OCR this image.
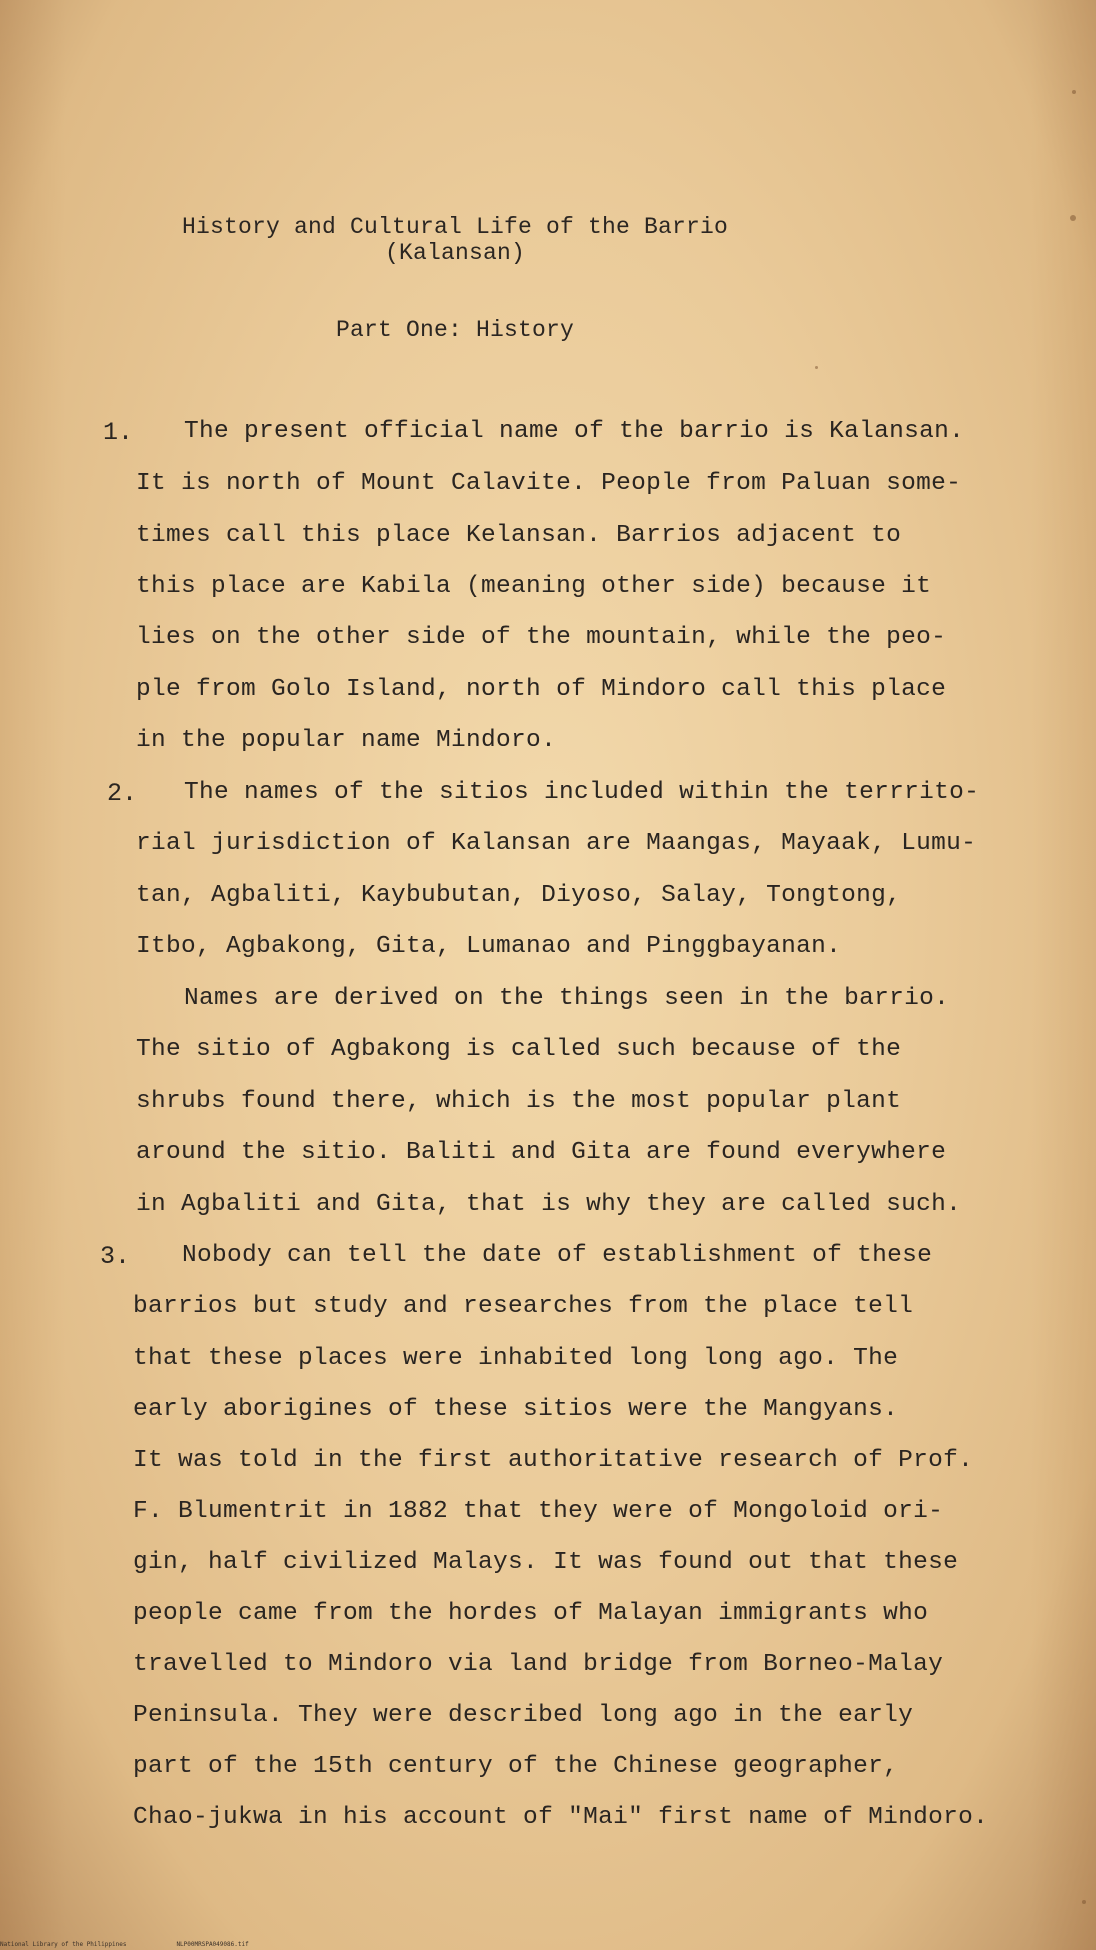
History and Cultural Life of the Barrio
(Kalansan)
Part One: History
1. The present official name of the barrio is Kalansan.
It is north of Mount Calavite. People from Paluan some-
times call this place Kelansan. Barrios adjacent to
this place are Kabila (meaning other side) because it
lies on the other side of the mountain, while the peo-
ple from Golo Island, north of Mindoro call this place
in the popular name Mindoro.
2. The names of the sitios included within the terrrito-
rial jurisdiction of Kalansan are Maangas, Mayaak, Lumu-
tan, Agbaliti, Kaybubutan, Diyoso, Salay, Tongtong,
Itbo, Agbakong, Gita, Lumanao and Pinggbayanan.
Names are derived on the things seen in the barrio.
The sitio of Agbakong is called such because of the
shrubs found there, which is the most popular plant
around the sitio. Baliti and Gita are found everywhere
in Agbaliti and Gita, that is why they are called such.
3. Nobody can tell the date of establishment of these
barrios but study and researches from the place tell
that these places were inhabited long long ago. The
early aborigines of these sitios were the Mangyans.
It was told in the first authoritative research of Prof.
F. Blumentrit in 1882 that they were of Mongoloid ori-
gin, half civilized Malays. It was found out that these
people came from the hordes of Malayan immigrants who
travelled to Mindoro via land bridge from Borneo-Malay
Peninsula. They were described long ago in the early
part of the 15th century of the Chinese geographer,
Chao-jukwa in his account of "Mai" first name of Mindoro.
National Library of the Philippines	NLP00MRSPA049086.tif
